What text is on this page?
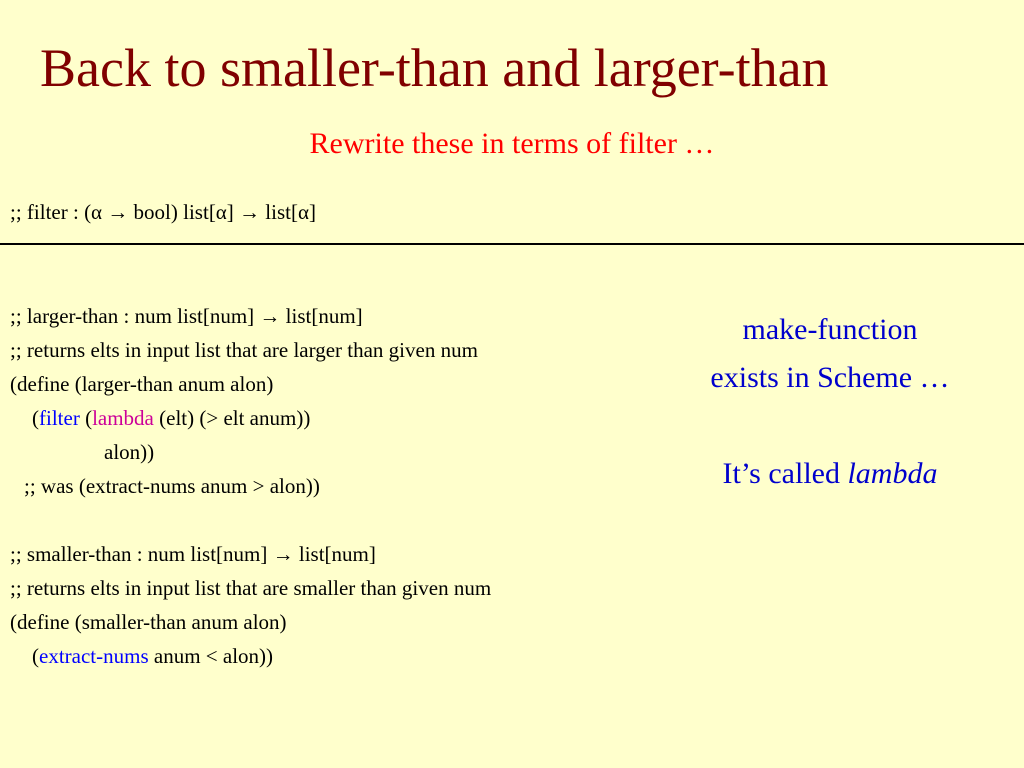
Back to smaller-than and larger-than
Rewrite these in terms of filter …
;; filter : (α → bool) list[α] → list[α]
;; larger-than : num list[num] → list[num]
;; returns elts in input list that are larger than given num
(define (larger-than anum alon)
(filter (lambda (elt) (> elt anum))
alon))
;; was (extract-nums anum > alon))
;; smaller-than : num list[num] → list[num]
;; returns elts in input list that are smaller than given num
(define (smaller-than anum alon)
(extract-nums anum < alon))
make-function
exists in Scheme …
It’s called lambda
